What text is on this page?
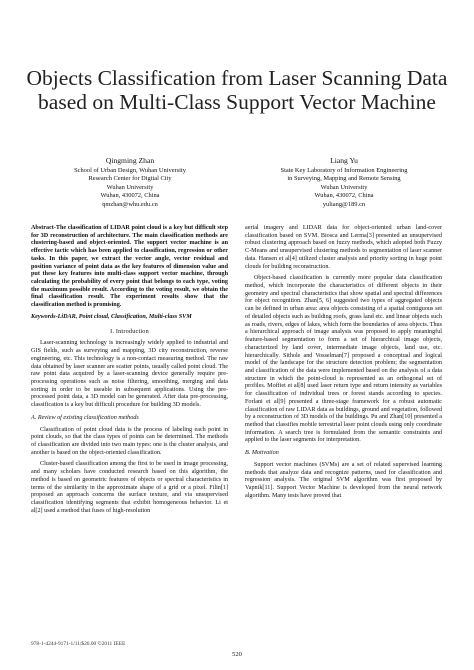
Objects Classification from Laser Scanning Data
based on Multi-Class Support Vector Machine
Qingming Zhan
School of Urban Design, Wuhan University
Research Center for Digital City
Wuhan University
Wuhan, 430072, China
qmzhan@whu.edu.cn
Liang Yu
State Key Laboratory of Information Engineering
in Surveying, Mapping and Remote Sensing
Wuhan University
Wuhan, 430072, China
yuliang@189.cn

Abstract-The classification of LIDAR point cloud is a key but difficult step for 3D reconstruction of architecture. The main classification methods are clustering-based and object-oriented. The support vector machine is an effective tactic which has been applied to classification, regression or other tasks. In this paper, we extract the vector angle, vector residual and position variance of point data as the key features of dimension value and put these key features into multi-class support vector machine, through calculating the probability of every point that belongs to each type, voting the maximum possible result. According to the voting result, we obtain the final classification result. The experiment results show that the classification method is promising.

Keywords-LiDAR, Point cloud, Classification, Multi-class SVM

I. Introduction

Laser-scanning technology is increasingly widely applied to industrial and GIS fields, such as surveying and mapping, 3D city reconstruction, reverse engineering, etc. This technology is a non-contact measuring method. The raw data obtained by laser scanner are scatter points, usually called point cloud. The raw point data acquired by a laser-scanning device generally require pre-processing operations such as noise filtering, smoothing, merging and data sorting in order to be useable in subsequent applications. Using the pre-processed point data, a 3D model can be generated. After data pre-processing, classification is a key but difficult procedure for building 3D models.

A. Review of existing classification methods

Classification of point cloud data is the process of labeling each point in point clouds, so that the class types of points can be determined. The methods of classification are divided into two main types: one is the cluster analysis, and another is based on the object-oriented classification.

Cluster-based classification among the first to be used in image processing, and many scholars have conducted research based on this algorithm, the method is based on geometric features of objects or spectral characteristics in terms of the similarity in the approximate shape of a grid or a pixel. Filin[1] proposed an approach concerns the surface texture, and via unsupervised classification identifying segments that exhibit homogeneous behavior. Li et al[2] used a method that fuses of high-resolution

aerial imagery and LIDAR data for object-oriented urban land-cover classification based on SVM. Biosca and Lerma[3] presented an unsupervised robust clustering approach based on fuzzy methods, which adopted both Fuzzy C-Means and unsupervised clustering methods to segmentation of laser scanner data. Hansen et al[4] utilized cluster analysis and priority sorting in huge point clouds for building reconstruction.

Object-based classification is currently more popular data classification method, which incorporate the characteristics of different objects in their geometry and spectral characteristics that show spatial and spectral differences for object recognition. Zhan[5, 6] suggested two types of aggregated objects can be defined in urban area: area objects consisting of a spatial contiguous set of detailed objects such as building roofs, grass land etc. and linear objects such as roads, rivers, edges of lakes, which form the boundaries of area objects. Thus a hierarchical approach of image analysis was proposed to apply meaningful feature-based segmentation to form a set of hierarchical image objects, characterized by land cover, intermediate image objects, land use, etc. hierarchically. Sithole and Vosselman[7] proposed a conceptual and logical model of the landscape for the structure detection problem; the segmentation and classification of the data were implemented based on the analysis of a data structure in which the point-cloud is represented as an orthogonal set of profiles. Moffiet et al[8] used laser return type and return intensity as variables for classification of individual trees or forest stands according to species. Forlani et al[9] presented a three-stage framework for a robust automatic classification of raw LIDAR data as buildings, ground and vegetation, followed by a reconstruction of 3D models of the buildings. Pu and Zhan[10] presented a method that classifies mobile terrestrial laser point clouds using only coordinate information. A search tree is formulated from the semantic constraints and applied to the laser segments for interpretation.

B. Motivation

Support vector machines (SVMs) are a set of related supervised learning methods that analyze data and recognize patterns, used for classification and regression analysis. The original SVM algorithm was first proposed by Vapnik[11]. Support Vector Machine is developed from the neural network algorithm. Many tests have proved that

978-1-4244-9171-1/11/$26.00 ©2011 IEEE
520
